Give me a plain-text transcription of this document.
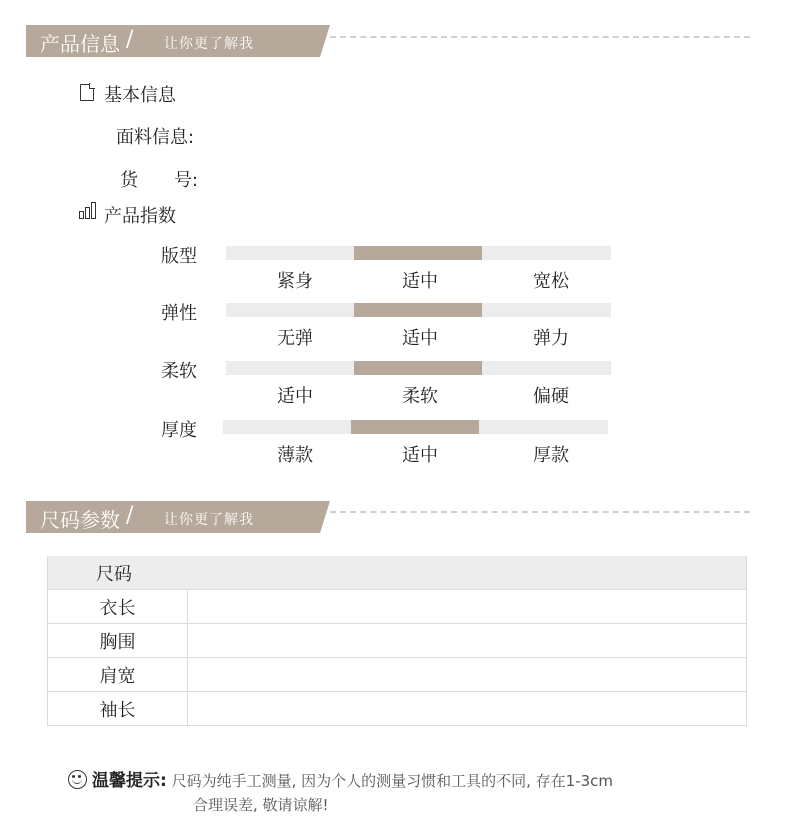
产品信息 / 让你更了解我
基本信息
面料信息:
货　　号:
产品指数
版型
紧身	适中	宽松
弹性
无弹	适中	弹力
柔软
适中	柔软	偏硬
厚度
薄款	适中	厚款
尺码参数 / 让你更了解我
尺码	
衣长	
胸围	
肩宽	
袖长	
温馨提示: 尺码为纯手工测量, 因为个人的测量习惯和工具的不同, 存在1-3cm
合理误差, 敬请谅解!
